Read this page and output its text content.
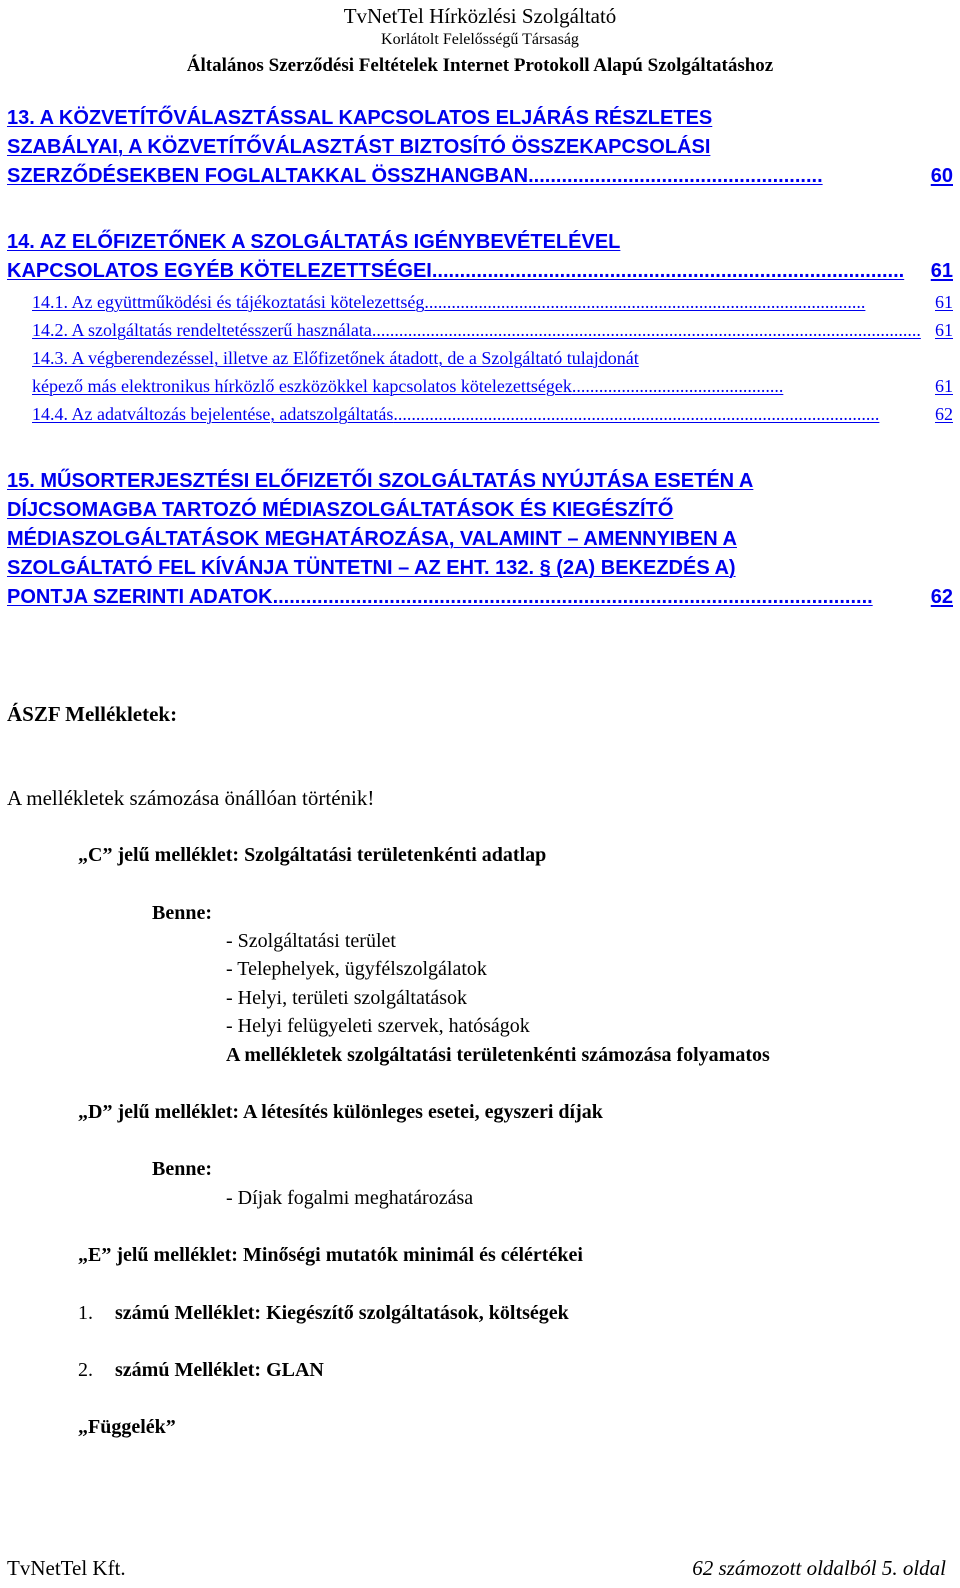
TvNetTel Hírközlési Szolgáltató
Korlátolt Felelősségű Társaság
Általános Szerződési Feltételek Internet Protokoll Alapú Szolgáltatáshoz
13. A KÖZVETÍTŐVÁLASZTÁSSAL KAPCSOLATOS ELJÁRÁS RÉSZLETES
SZABÁLYAI, A KÖZVETÍTŐVÁLASZTÁST BIZTOSÍTÓ ÖSSZEKAPCSOLÁSI
SZERZŐDÉSEKBEN FOGLALTAKKAL ÖSSZHANGBAN.....................................................	60
14. AZ ELŐFIZETŐNEK A SZOLGÁLTATÁS IGÉNYBEVÉTELÉVEL
KAPCSOLATOS EGYÉB KÖTELEZETTSÉGEI..................................................................................... 61
14.1. Az együttműködési és tájékoztatási kötelezettség..................................................................................................	61
14.2. A szolgáltatás rendeltetésszerű használata.......................................................................................................................... 61
14.3. A végberendezéssel, illetve az Előfizetőnek átadott, de a Szolgáltató tulajdonát
képező más elektronikus hírközlő eszközökkel kapcsolatos kötelezettségek...............................................	61
14.4. Az adatváltozás bejelentése, adatszolgáltatás............................................................................................................	62
15. MŰSORTERJESZTÉSI ELŐFIZETŐI SZOLGÁLTATÁS NYÚJTÁSA ESETÉN A
DÍJCSOMAGBA TARTOZÓ MÉDIASZOLGÁLTATÁSOK ÉS KIEGÉSZÍTŐ
MÉDIASZOLGÁLTATÁSOK MEGHATÁROZÁSA, VALAMINT – AMENNYIBEN A
SZOLGÁLTATÓ FEL KÍVÁNJA TÜNTETNI – AZ EHT. 132. § (2A) BEKEZDÉS A)
PONTJA SZERINTI ADATOK............................................................................................................	62
ÁSZF Mellékletek:
A mellékletek számozása önállóan történik!
„C” jelű melléklet: Szolgáltatási területenkénti adatlap
Benne:
- Szolgáltatási terület
- Telephelyek, ügyfélszolgálatok
- Helyi, területi szolgáltatások
- Helyi felügyeleti szervek, hatóságok
A mellékletek szolgáltatási területenkénti számozása folyamatos
„D” jelű melléklet: A létesítés különleges esetei, egyszeri díjak
Benne:
- Díjak fogalmi meghatározása
„E” jelű melléklet: Minőségi mutatók minimál és célértékei
1. számú Melléklet: Kiegészítő szolgáltatások, költségek
2. számú Melléklet: GLAN
„Függelék”
TvNetTel Kft.	62 számozott oldalból 5. oldal
